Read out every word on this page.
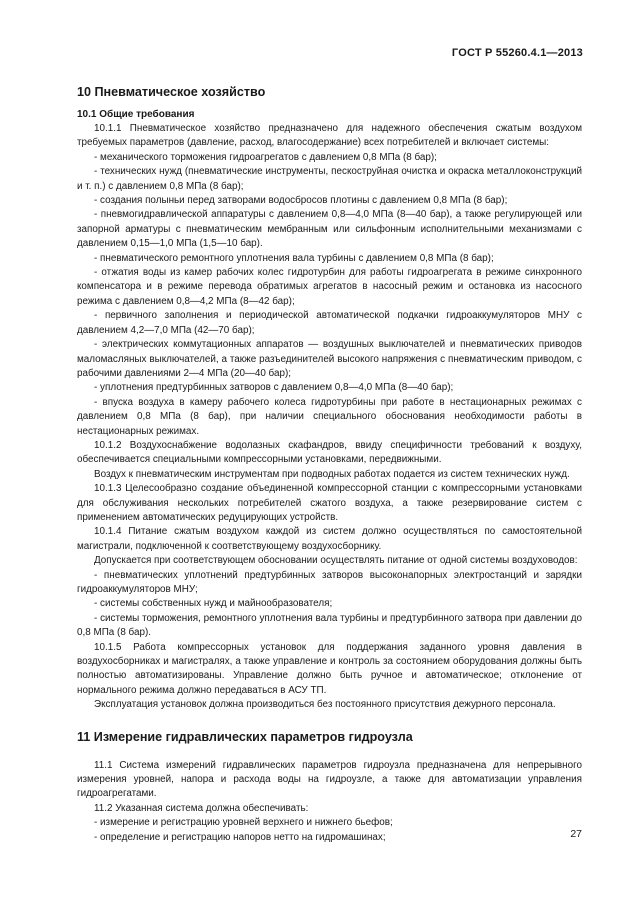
ГОСТ Р 55260.4.1—2013
10 Пневматическое хозяйство
10.1 Общие требования

10.1.1 Пневматическое хозяйство предназначено для надежного обеспечения сжатым воздухом требуемых параметров (давление, расход, влагосодержание) всех потребителей и включает системы:

- механического торможения гидроагрегатов с давлением 0,8 МПа (8 бар);

- технических нужд (пневматические инструменты, пескоструйная очистка и окраска металлоконструкций и т. п.) с давлением 0,8 МПа (8 бар);

- создания полыньи перед затворами водосбросов плотины с давлением 0,8 МПа (8 бар);

- пневмогидравлической аппаратуры с давлением 0,8—4,0 МПа (8—40 бар), а также регулирующей или запорной арматуры с пневматическим мембранным или сильфонным исполнительными механизмами с давлением 0,15—1,0 МПа (1,5—10 бар).

- пневматического ремонтного уплотнения вала турбины с давлением 0,8 МПа (8 бар);

- отжатия воды из камер рабочих колес гидротурбин для работы гидроагрегата в режиме синхронного компенсатора и в режиме перевода обратимых агрегатов в насосный режим и остановка из насосного режима с давлением 0,8—4,2 МПа (8—42 бар);

- первичного заполнения и периодической автоматической подкачки гидроаккумуляторов МНУ с давлением 4,2—7,0 МПа (42—70 бар);

- электрических коммутационных аппаратов — воздушных выключателей и пневматических приводов маломасляных выключателей, а также разъединителей высокого напряжения с пневматическим приводом, с рабочими давлениями 2—4 МПа (20—40 бар);

- уплотнения предтурбинных затворов с давлением 0,8—4,0 МПа (8—40 бар);

- впуска воздуха в камеру рабочего колеса гидротурбины при работе в нестационарных режимах с давлением 0,8 МПа (8 бар), при наличии специального обоснования необходимости работы в нестационарных режимах.

10.1.2 Воздухоснабжение водолазных скафандров, ввиду специфичности требований к воздуху, обеспечивается специальными компрессорными установками, передвижными.

Воздух к пневматическим инструментам при подводных работах подается из систем технических нужд.

10.1.3 Целесообразно создание объединенной компрессорной станции с компрессорными установками для обслуживания нескольких потребителей сжатого воздуха, а также резервирование систем с применением автоматических редуцирующих устройств.

10.1.4 Питание сжатым воздухом каждой из систем должно осуществляться по самостоятельной магистрали, подключенной к соответствующему воздухосборнику.

Допускается при соответствующем обосновании осуществлять питание от одной системы воздуховодов:

- пневматических уплотнений предтурбинных затворов высоконапорных электростанций и зарядки гидроаккумуляторов МНУ;

- системы собственных нужд и майнообразователя;

- системы торможения, ремонтного уплотнения вала турбины и предтурбинного затвора при давлении до 0,8 МПа (8 бар).

10.1.5 Работа компрессорных установок для поддержания заданного уровня давления в воздухосборниках и магистралях, а также управление и контроль за состоянием оборудования должны быть полностью автоматизированы. Управление должно быть ручное и автоматическое; отклонение от нормального режима должно передаваться в АСУ ТП.

Эксплуатация установок должна производиться без постоянного присутствия дежурного персонала.

11 Измерение гидравлических параметров гидроузла

11.1 Система измерений гидравлических параметров гидроузла предназначена для непрерывного измерения уровней, напора и расхода воды на гидроузле, а также для автоматизации управления гидроагрегатами.

11.2 Указанная система должна обеспечивать:

- измерение и регистрацию уровней верхнего и нижнего бьефов;

- определение и регистрацию напоров нетто на гидромашинах;	27
